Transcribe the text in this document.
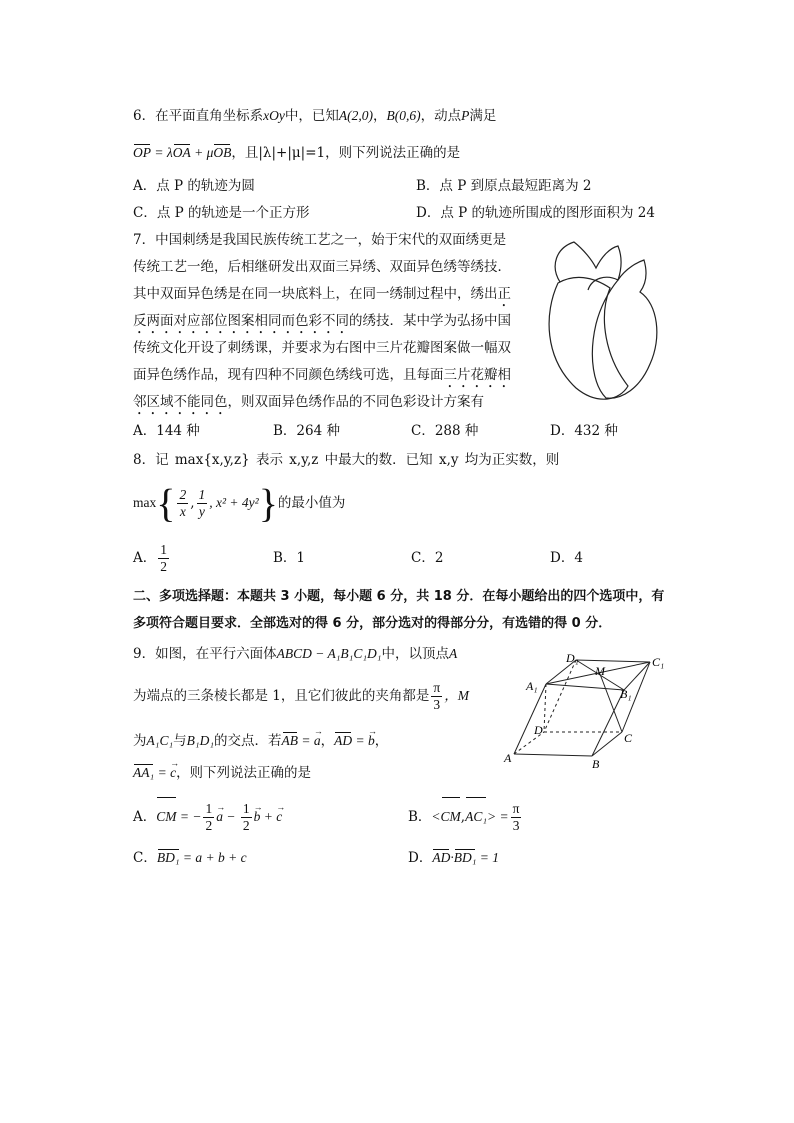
6．在平面直角坐标系xOy中，已知A(2,0)，B(0,6)，动点P满足
OP = λOA + μOB，且|λ|+|μ|=1，则下列说法正确的是
A．点 P 的轨迹为圆	B．点 P 到原点最短距离为 2
C．点 P 的轨迹是一个正方形	D．点 P 的轨迹所围成的图形面积为 24
7．中国刺绣是我国民族传统工艺之一，始于宋代的双面绣更是
传统工艺一绝，后相继研发出双面三异绣、双面异色绣等绣技．
其中双面异色绣是在同一块底料上，在同一绣制过程中，绣出正
反两面对应部位图案相同而色彩不同的绣技．某中学为弘扬中国
传统文化开设了刺绣课，并要求为右图中三片花瓣图案做一幅双
面异色绣作品，现有四种不同颜色绣线可选，且每面三片花瓣相
邻区域不能同色，则双面异色绣作品的不同色彩设计方案有
A．144 种	B．264 种	C．288 种	D．432 种
8．记 max{x,y,z} 表示 x,y,z 中最大的数．已知 x,y 均为正实数，则
$\max\{ \frac{2}{x}$ , $\frac{1}{y}$ , x² + 4y²}的最小值为
A． $\frac{1}{2}$	B．1	C．2	D．4
二、多项选择题：本题共 3 小题，每小题 6 分，共 18 分．在每小题给出的四个选项中，有
多项符合题目要求．全部选对的得 6 分，部分选对的得部分分，有选错的得 0 分．
9．如图，在平行六面体ABCD − A₁B₁C₁D₁中，以顶点A
为端点的三条棱长都是 1，且它们彼此的夹角都是 $\frac{\pi}{3}$ ，M
为A₁C₁与B₁D₁的交点．若AB = → a，AD = → b，
AA₁ = → c，则下列说法正确的是
D₁
M
C₁
A₁
B₁
D
C
A	B
A．CM = − $\frac{1}{2}$
→ $a - \frac{1}{2}$
→ b + → c	B．$<CM,AC_1> = \frac{\pi}{3}$
C．BD₁ = a + b + c	D．AD·BD₁ = 1
